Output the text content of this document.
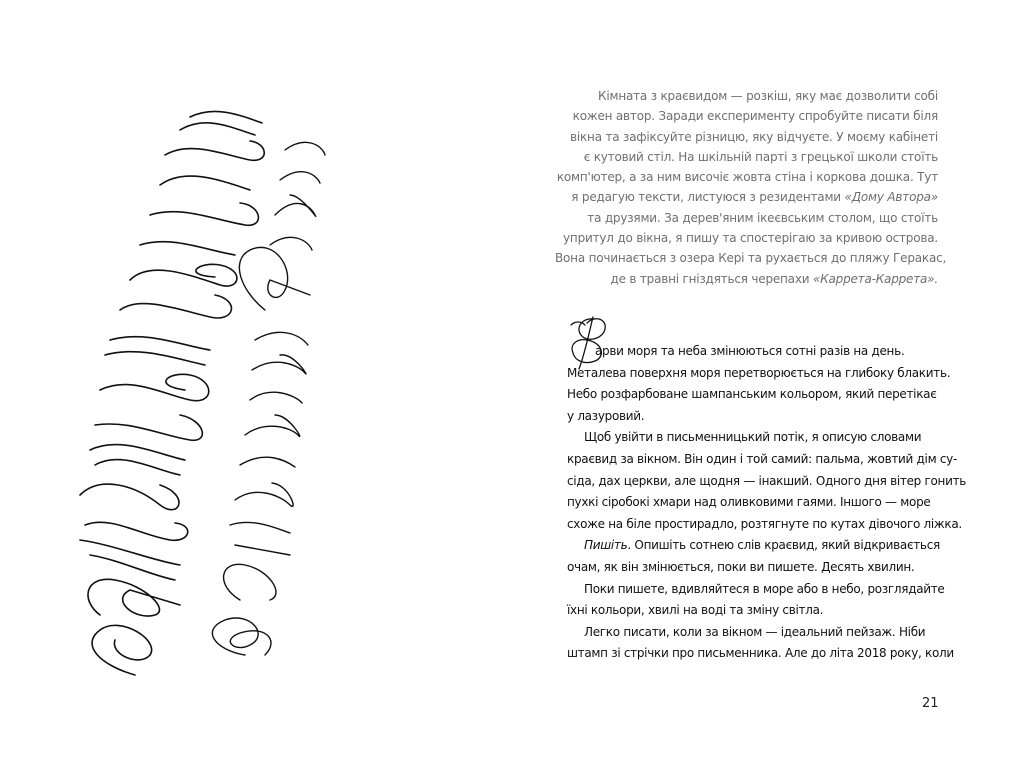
Кімната з краєвидом — розкіш, яку має дозволити собі
кожен автор. Заради експерименту спробуйте писати біля
вікна та зафіксуйте різницю, яку відчуєте. У моєму кабінеті
є кутовий стіл. На шкільній парті з грецької школи стоїть
комп'ютер, а за ним височіє жовта стіна і коркова дошка. Тут
я редагую тексти, листуюся з резидентами «Дому Автора»
та друзями. За дерев'яним ікеєвським столом, що стоїть
упритул до вікна, я пишу та спостерігаю за кривою острова.
Вона починається з озера Кері та рухається до пляжу Геракас,
де в травні гніздяться черепахи «Каррета-Каррета».
арви моря та неба змінюються сотні разів на день.
Металева поверхня моря перетворюється на глибоку блакить.
Небо розфарбоване шампанським кольором, який перетікає
у лазуровий.
Щоб увійти в письменницький потік, я описую словами
краєвид за вікном. Він один і той самий: пальма, жовтий дім су-
сіда, дах церкви, але щодня — інакший. Одного дня вітер гонить
пухкі сіробокі хмари над оливковими гаями. Іншого — море
схоже на біле простирадло, розтягнуте по кутах дівочого ліжка.
Пишіть. Опишіть сотнею слів краєвид, який відкривається
очам, як він змінюється, поки ви пишете. Десять хвилин.
Поки пишете, вдивляйтеся в море або в небо, розглядайте
їхні кольори, хвилі на воді та зміну світла.
Легко писати, коли за вікном — ідеальний пейзаж. Ніби
штамп зі стрічки про письменника. Але до літа 2018 року, коли
21
